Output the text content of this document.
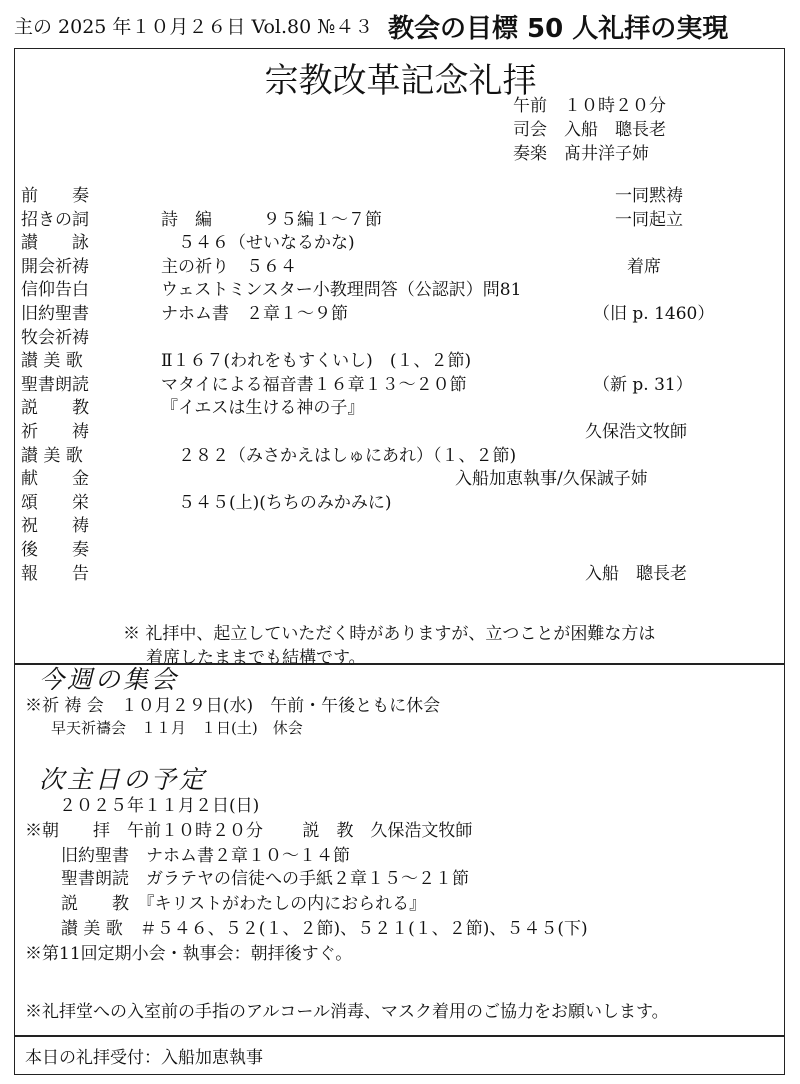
主の 2025 年１０月２６日 Vol.80 №４３ 教会の目標 50 人礼拝の実現
宗教改革記念礼拝
午前　１０時２０分
司会　入船　聰長老
奏楽　髙井洋子姉
前　　奏	一同黙祷
招きの詞	詩　編　　　９５編１～７節	一同起立
讃　　詠	　５４６（せいなるかな)
開会祈祷	主の祈り　５６４	着席
信仰告白	ウェストミンスター小教理問答（公認訳）問81
旧約聖書	ナホム書　２章１～９節	（旧 p. 1460）
牧会祈祷
讃 美 歌	Ⅱ１６７(われをもすくいし)　(１、２節)
聖書朗読	マタイによる福音書１６章１３～２０節	（新 p. 31）
説　　教	『イエスは生ける神の子』
祈　　祷	久保浩文牧師
讃 美 歌	　２８２（みさかえはしゅにあれ）（１、２節)
献　　金	入船加恵執事/久保誠子姉
頌　　栄	　５４５(上)(ちちのみかみに)
祝　　祷
後　　奏
報　　告	入船　聰長老
※ 礼拝中、起立していただく時がありますが、立つことが困難な方は
着席したままでも結構です。
今週の集会
※祈 祷 会　１０月２９日(水)　午前・午後ともに休会
早天祈禱会　１１月　１日(土)　休会
次主日の予定
２０２５年１１月２日(日)
※朝　　拝　午前１０時２０分　　 説　教　久保浩文牧師
旧約聖書　ナホム書２章１０～１４節
聖書朗読　ガラテヤの信徒への手紙２章１５～２１節
説　　教　『キリストがわたしの内におられる』
讃 美 歌　＃５４６、５２(１、２節)、５２１(１、２節)、５４５(下)
※第11回定期小会・執事会：朝拝後すぐ。
※礼拝堂への入室前の手指のアルコール消毒、マスク着用のご協力をお願いします。
本日の礼拝受付：入船加恵執事
